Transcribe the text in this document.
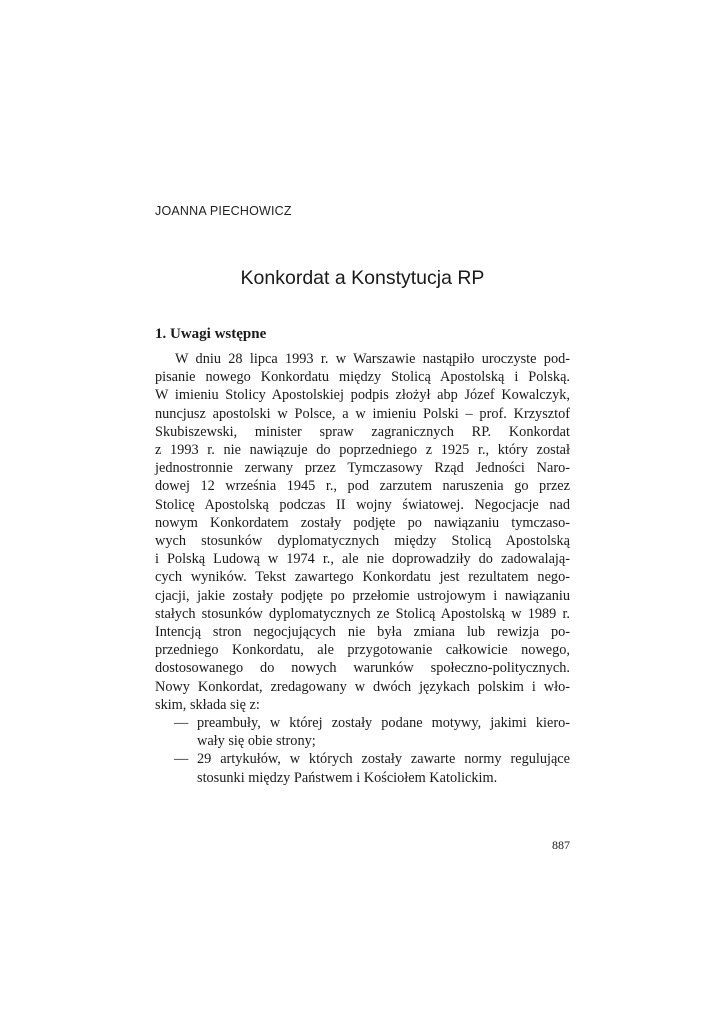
JOANNA PIECHOWICZ
Konkordat a Konstytucja RP
1. Uwagi wstępne
W dniu 28 lipca 1993 r. w Warszawie nastąpiło uroczyste pod-
pisanie nowego Konkordatu między Stolicą Apostolską i Polską.
W imieniu Stolicy Apostolskiej podpis złożył abp Józef Kowalczyk,
nuncjusz apostolski w Polsce, a w imieniu Polski – prof. Krzysztof
Skubiszewski, minister spraw zagranicznych RP. Konkordat
z 1993 r. nie nawiązuje do poprzedniego z 1925 r., który został
jednostronnie zerwany przez Tymczasowy Rząd Jedności Naro-
dowej 12 września 1945 r., pod zarzutem naruszenia go przez
Stolicę Apostolską podczas II wojny światowej. Negocjacje nad
nowym Konkordatem zostały podjęte po nawiązaniu tymczaso-
wych stosunków dyplomatycznych między Stolicą Apostolską
i Polską Ludową w 1974 r., ale nie doprowadziły do zadowalają-
cych wyników. Tekst zawartego Konkordatu jest rezultatem nego-
cjacji, jakie zostały podjęte po przełomie ustrojowym i nawiązaniu
stałych stosunków dyplomatycznych ze Stolicą Apostolską w 1989 r.
Intencją stron negocjujących nie była zmiana lub rewizja po-
przedniego Konkordatu, ale przygotowanie całkowicie nowego,
dostosowanego do nowych warunków społeczno-politycznych.
Nowy Konkordat, zredagowany w dwóch językach polskim i wło-
skim, składa się z:
— preambuły, w której zostały podane motywy, jakimi kiero-
wały się obie strony;
— 29 artykułów, w których zostały zawarte normy regulujące
stosunki między Państwem i Kościołem Katolickim.
887
